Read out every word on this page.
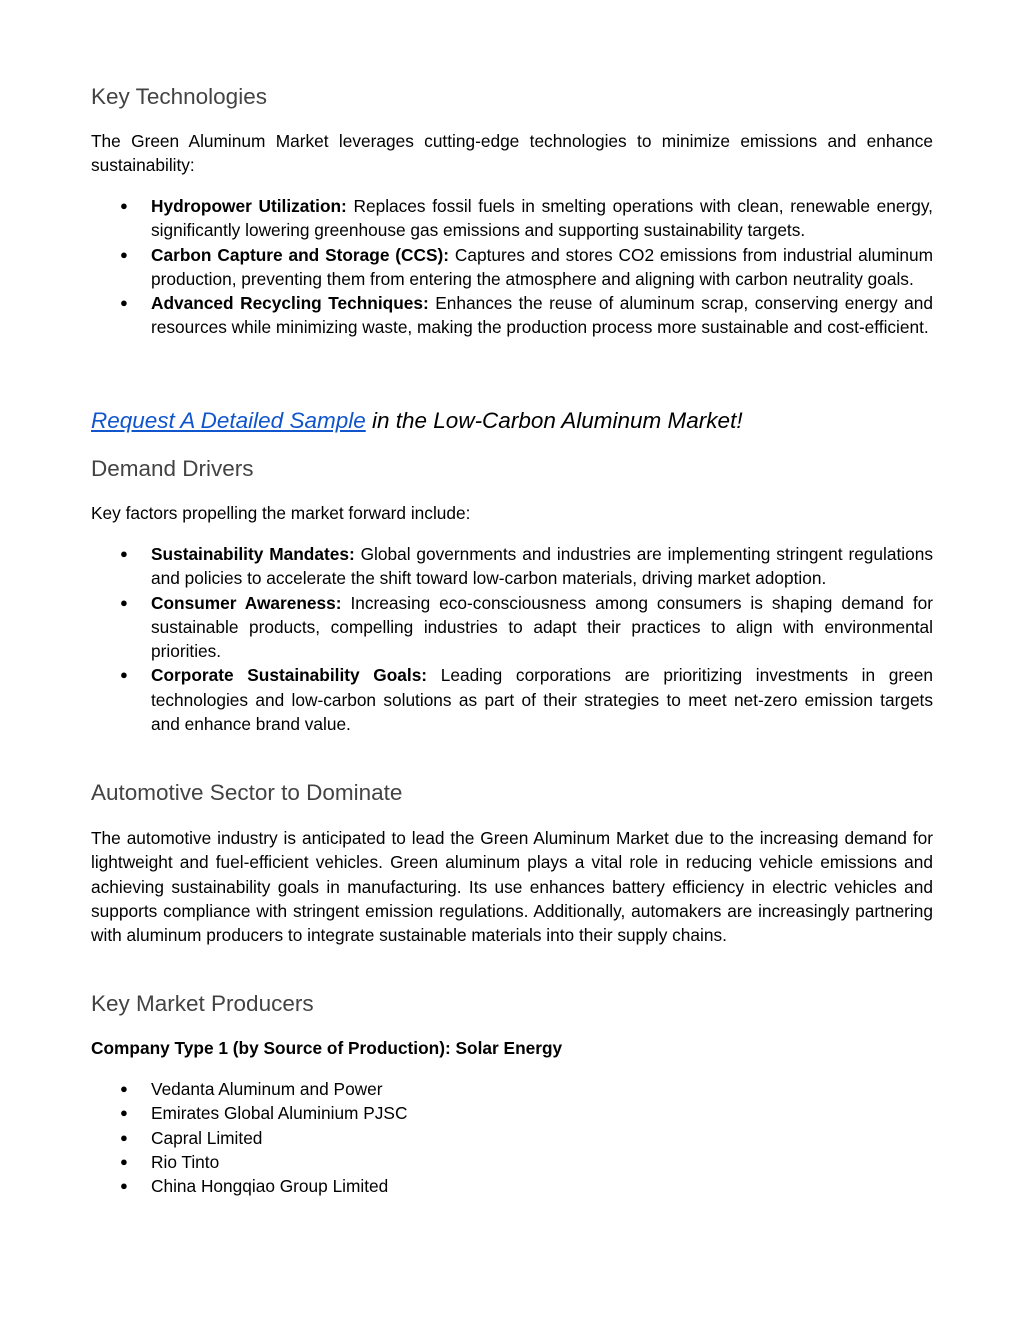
Key Technologies

The Green Aluminum Market leverages cutting-edge technologies to minimize emissions and enhance sustainability:

● Hydropower Utilization: Replaces fossil fuels in smelting operations with clean, renewable energy, significantly lowering greenhouse gas emissions and supporting sustainability targets.
● Carbon Capture and Storage (CCS): Captures and stores CO2 emissions from industrial aluminum production, preventing them from entering the atmosphere and aligning with carbon neutrality goals.
● Advanced Recycling Techniques: Enhances the reuse of aluminum scrap, conserving energy and resources while minimizing waste, making the production process more sustainable and cost-efficient.

Request A Detailed Sample in the Low-Carbon Aluminum Market!

Demand Drivers

Key factors propelling the market forward include:

● Sustainability Mandates: Global governments and industries are implementing stringent regulations and policies to accelerate the shift toward low-carbon materials, driving market adoption.
● Consumer Awareness: Increasing eco-consciousness among consumers is shaping demand for sustainable products, compelling industries to adapt their practices to align with environmental priorities.
● Corporate Sustainability Goals: Leading corporations are prioritizing investments in green technologies and low-carbon solutions as part of their strategies to meet net-zero emission targets and enhance brand value.
Automotive Sector to Dominate

The automotive industry is anticipated to lead the Green Aluminum Market due to the increasing demand for lightweight and fuel-efficient vehicles. Green aluminum plays a vital role in reducing vehicle emissions and achieving sustainability goals in manufacturing. Its use enhances battery efficiency in electric vehicles and supports compliance with stringent emission regulations. Additionally, automakers are increasingly partnering with aluminum producers to integrate sustainable materials into their supply chains.

Key Market Producers

Company Type 1 (by Source of Production): Solar Energy

● Vedanta Aluminum and Power
● Emirates Global Aluminium PJSC
● Capral Limited
● Rio Tinto
● China Hongqiao Group Limited
